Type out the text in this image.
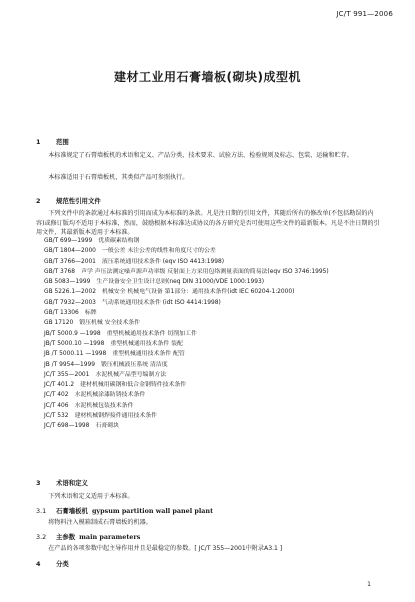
JC/T 991—2006
建材工业用石膏墙板(砌块)成型机
1 范围
本标准规定了石膏墙板机的术语和定义、产品分类、技术要求、试验方法、检验规则及标志、包装、运输和贮存。
本标准适用于石膏墙板机，其类似产品可参照执行。
2 规范性引用文件
下列文件中的条款通过本标准的引用而成为本标准的条款。凡是注日期的引用文件，其随后所有的修改单(不包括勘误的内容)或修订版均不适用于本标准，然而，鼓励根据本标准达成协议的各方研究是否可使用这些文件的最新版本。凡是不注日期的引用文件，其最新版本适用于本标准。
GB/T 699—1999 优质碳素结构钢
GB/T 1804—2000 一般公差 未注公差的线性和角度尺寸的公差
GB/T 3766—2001 液压系统通用技术条件 (eqv ISO 4413:1998)
GB/T 3768 声学 声压法测定噪声源声功率级 反射面上方采用包络测量表面的简易法(eqv ISO 3746:1995)
GB 5083—1999 生产设备安全卫生设计总则(neq DIN 31000/VDE 1000:1993)
GB 5226.1—2002 机械安全 机械电气设备 第1部分：通用技术条件(idt IEC 60204-1:2000)
GB/T 7932—2003 气动系统通用技术条件 (idt ISO 4414:1998)
GB/T 13306 标牌
GB 17120 锻压机械 安全技术条件
JB/T 5000.9 —1998 重型机械通用技术条件 切削加工件
JB/T 5000.10 —1998 重型机械通用技术条件 装配
JB /T 5000.11 —1998 重型机械通用技术条件 配管
JB /T 9954—1999 锻压机械液压系统 清洁度
JC/T 355—2001 水泥机械产品型号编制方法
JC/T 401.2 建材机械用碳钢和低合金钢铸件技术条件
JC/T 402 水泥机械涂漆防锈技术条件
JC/T 406 水泥机械包装技术条件
JC/T 532 建材机械钢焊接件通用技术条件
JC/T 698—1998 石膏砌块
3 术语和定义
下列术语和定义适用于本标准。
3.1 石膏墙板机 gypsum partition wall panel plant
将物料注入模箱制成石膏墙板的机器。
3.2 主参数 main parameters
在产品的各项参数中起主导作用并且是最稳定的参数。[ JC/T 355—2001中附录A3.1 ]
4 分类
1
